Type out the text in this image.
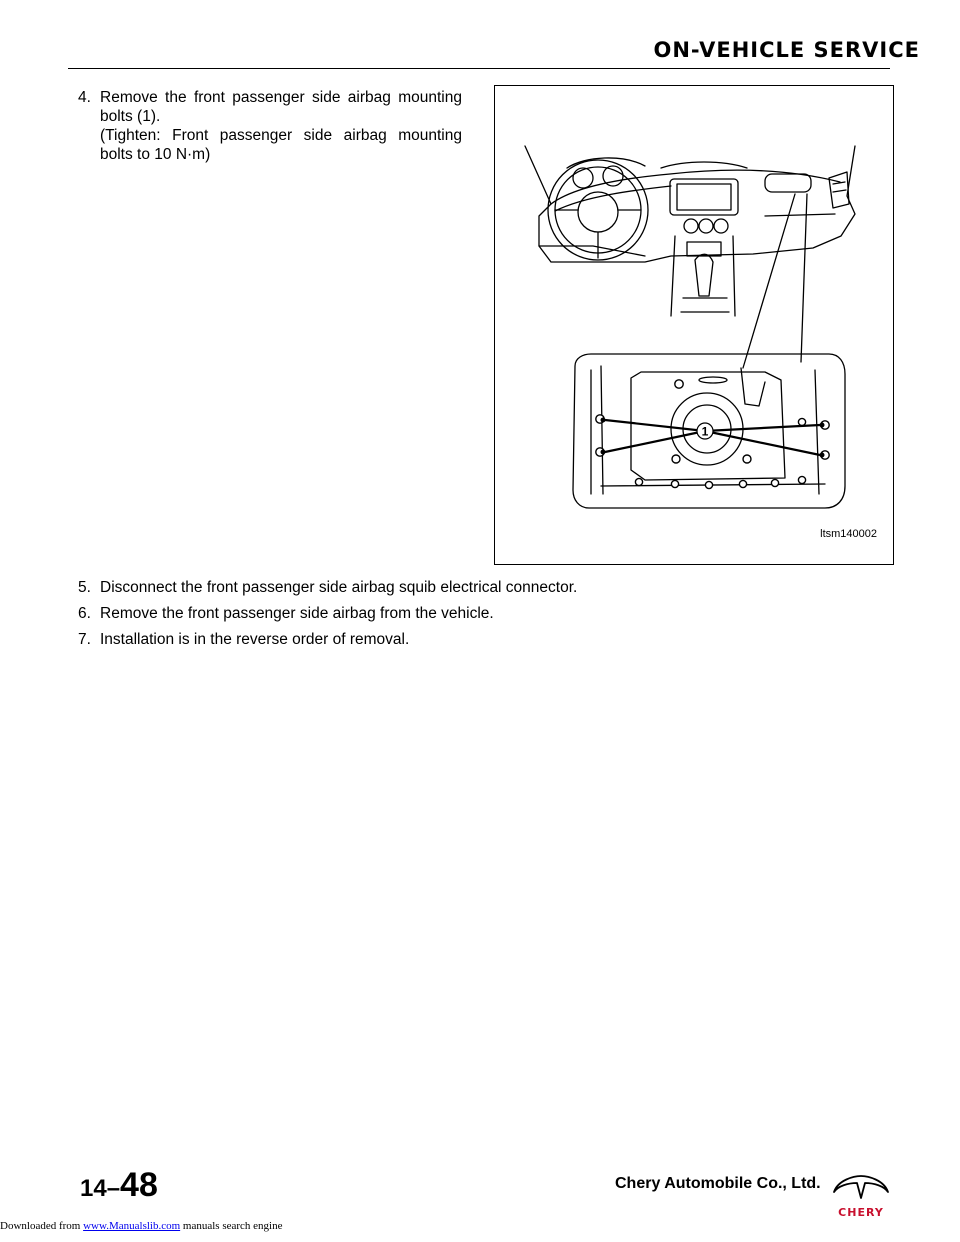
ON-VEHICLE SERVICE
4. Remove the front passenger side airbag mounting
bolts (1).
(Tighten: Front passenger side airbag mounting
bolts to 10 N·m)
1
ltsm140002
5. Disconnect the front passenger side airbag squib electrical connector.
6. Remove the front passenger side airbag from the vehicle.
7. Installation is in the reverse order of removal.
14–48	Chery Automobile Co., Ltd.
CHERY
Downloaded from www.Manualslib.com manuals search engine
